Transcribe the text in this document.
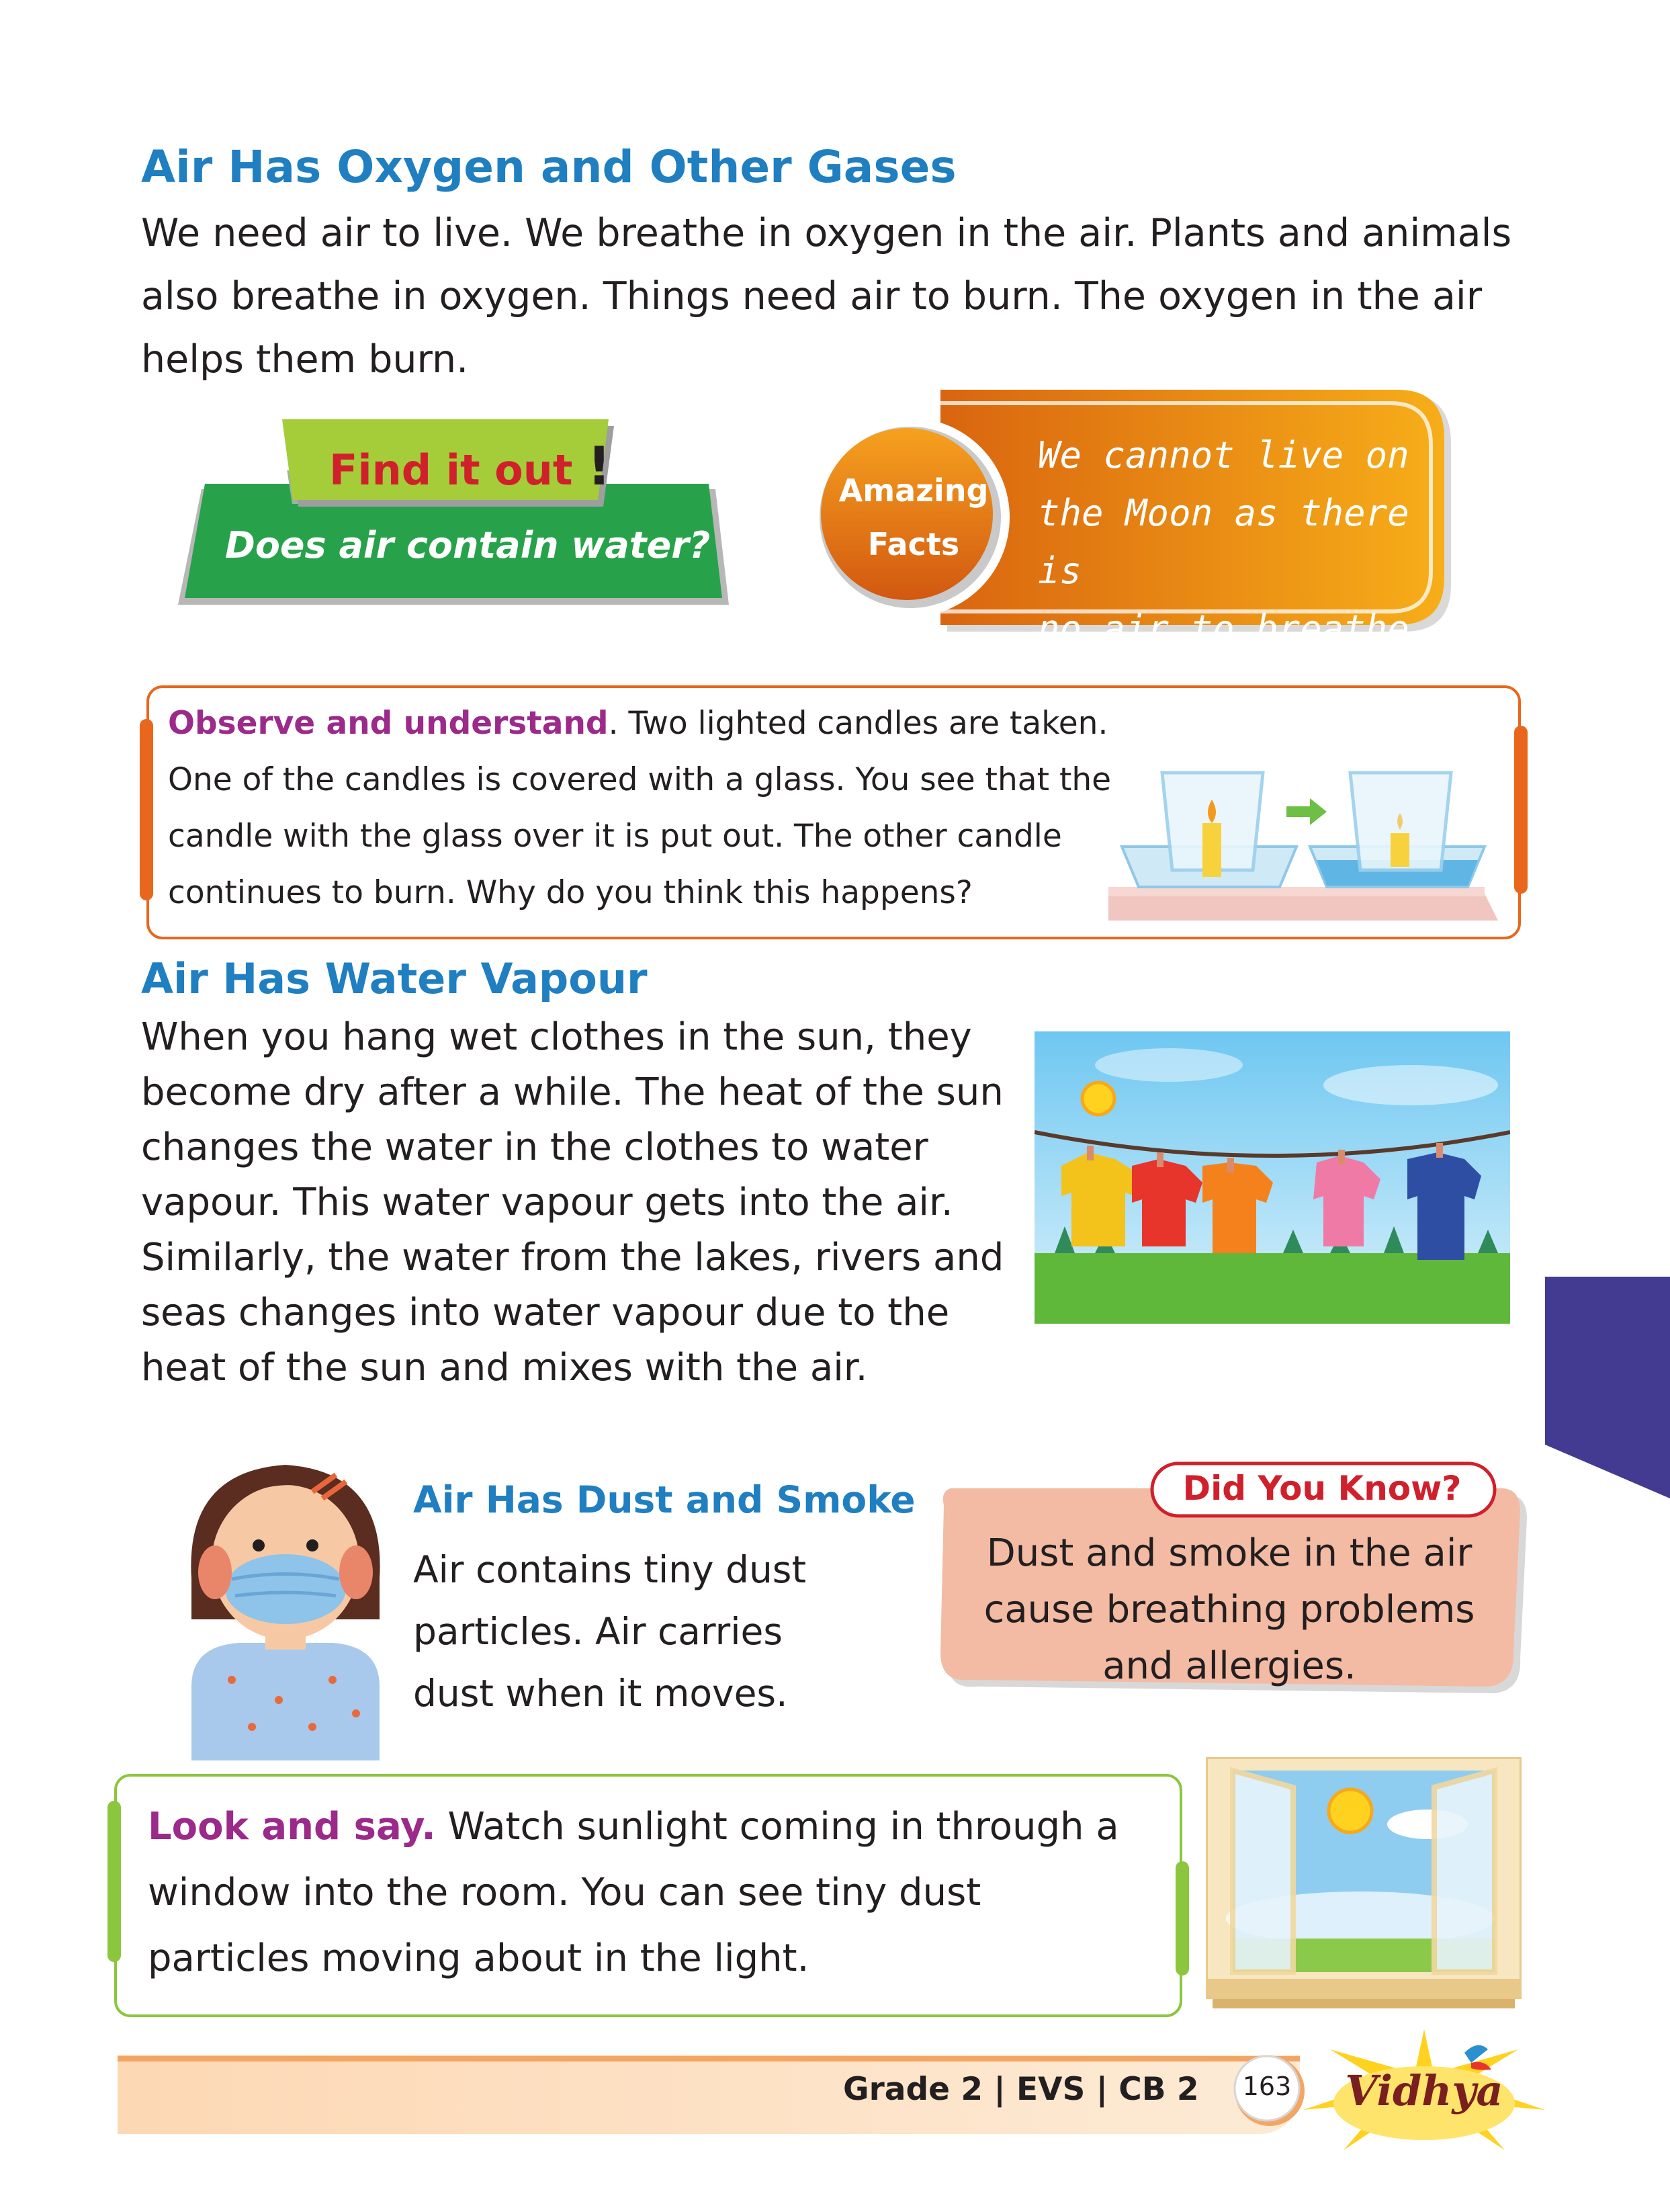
Air Has Oxygen and Other Gases
We need air to live. We breathe in oxygen in the air. Plants and animals also breathe in oxygen. Things need air to burn. The oxygen in the air helps them burn.
Find it out !
Does air contain water?
Amazing
Facts
We cannot live on
the Moon as there is
no air to breathe.
Observe and understand. Two lighted candles are taken.
One of the candles is covered with a glass. You see that the
candle with the glass over it is put out. The other candle
continues to burn. Why do you think this happens?
Air Has Water Vapour
When you hang wet clothes in the sun, they
become dry after a while. The heat of the sun
changes the water in the clothes to water
vapour. This water vapour gets into the air.
Similarly, the water from the lakes, rivers and
seas changes into water vapour due to the
heat of the sun and mixes with the air.
Air Has Dust and Smoke
Air contains tiny dust
particles. Air carries
dust when it moves.
Did You Know?
Dust and smoke in the air
cause breathing problems
and allergies.
Look and say. Watch sunlight coming in through a
window into the room. You can see tiny dust
particles moving about in the light.
Grade 2 | EVS | CB 2	163	Vidhya
